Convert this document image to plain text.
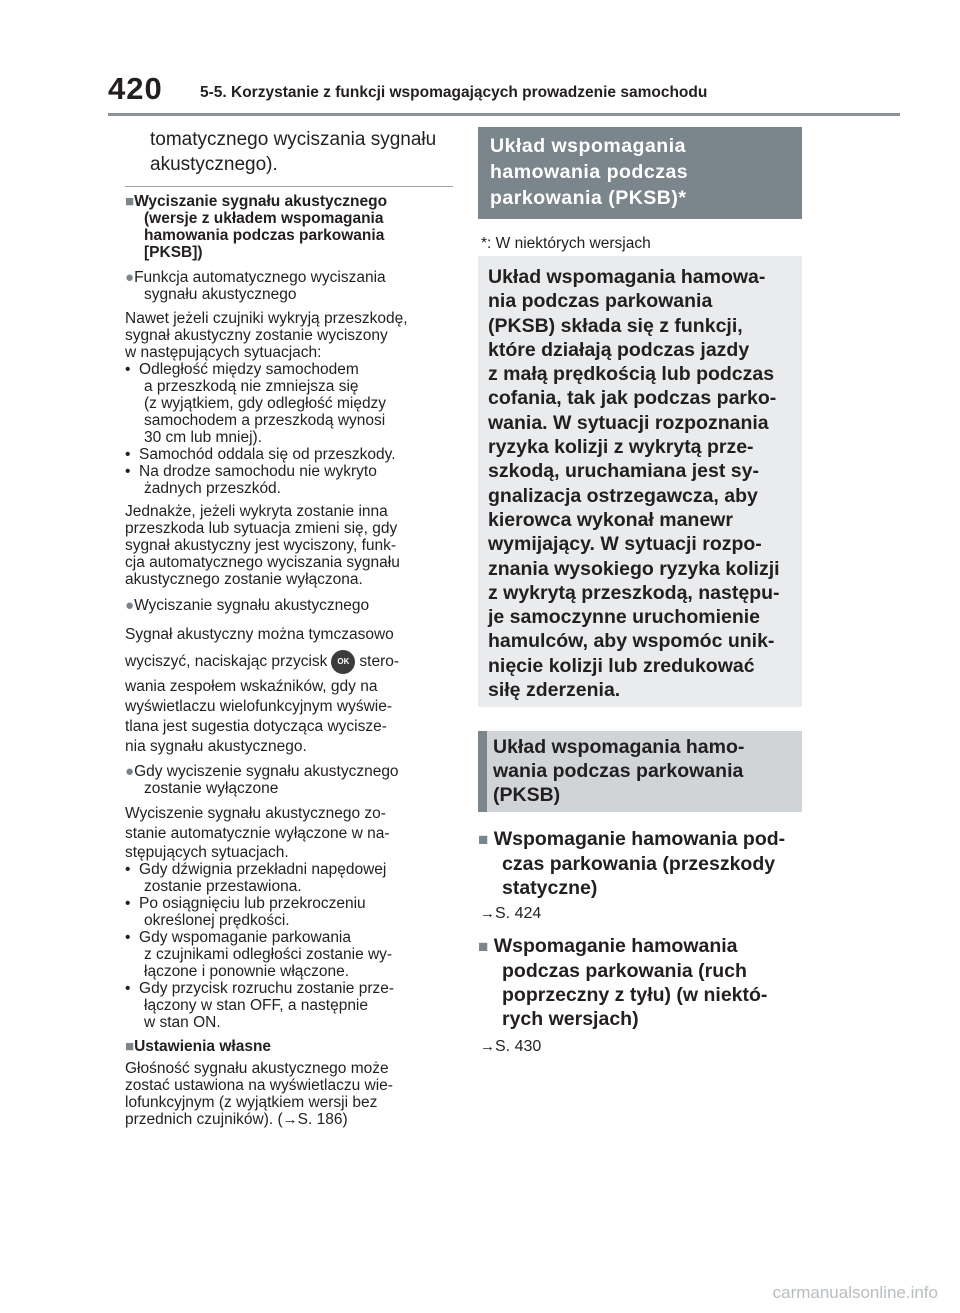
420 5-5. Korzystanie z funkcji wspomagających prowadzenie samochodu
tomatycznego wyciszania sygnału
akustycznego).
■Wyciszanie sygnału akustycznego
(wersje z układem wspomagania
hamowania podczas parkowania
[PKSB])
●Funkcja automatycznego wyciszania
sygnału akustycznego
Nawet jeżeli czujniki wykryją przeszkodę,
sygnał akustyczny zostanie wyciszony
w następujących sytuacjach:
•  Odległość między samochodem
a przeszkodą nie zmniejsza się
(z wyjątkiem, gdy odległość między
samochodem a przeszkodą wynosi
30 cm lub mniej).
•  Samochód oddala się od przeszkody.
•  Na drodze samochodu nie wykryto
żadnych przeszkód.
Jednakże, jeżeli wykryta zostanie inna
przeszkoda lub sytuacja zmieni się, gdy
sygnał akustyczny jest wyciszony, funk-
cja automatycznego wyciszania sygnału
akustycznego zostanie wyłączona.
●Wyciszanie sygnału akustycznego
Sygnał akustyczny można tymczasowo
wyciszyć, naciskając przycisk OK stero-
wania zespołem wskaźników, gdy na
wyświetlaczu wielofunkcyjnym wyświe-
tlana jest sugestia dotycząca wycisze-
nia sygnału akustycznego.
●Gdy wyciszenie sygnału akustycznego
zostanie wyłączone
Wyciszenie sygnału akustycznego zo-
stanie automatycznie wyłączone w na-
stępujących sytuacjach.
•  Gdy dźwignia przekładni napędowej
zostanie przestawiona.
•  Po osiągnięciu lub przekroczeniu
określonej prędkości.
•  Gdy wspomaganie parkowania
z czujnikami odległości zostanie wy-
łączone i ponownie włączone.
•  Gdy przycisk rozruchu zostanie prze-
łączony w stan OFF, a następnie
w stan ON.
■Ustawienia własne
Głośność sygnału akustycznego może
zostać ustawiona na wyświetlaczu wie-
lofunkcyjnym (z wyjątkiem wersji bez
przednich czujników). (→S. 186)
Układ wspomagania
hamowania podczas
parkowania (PKSB)*
*: W niektórych wersjach
Układ wspomagania hamowa-
nia podczas parkowania
(PKSB) składa się z funkcji,
które działają podczas jazdy
z małą prędkością lub podczas
cofania, tak jak podczas parko-
wania. W sytuacji rozpoznania
ryzyka kolizji z wykrytą prze-
szkodą, uruchamiana jest sy-
gnalizacja ostrzegawcza, aby
kierowca wykonał manewr
wymijający. W sytuacji rozpo-
znania wysokiego ryzyka kolizji
z wykrytą przeszkodą, następu-
je samoczynne uruchomienie
hamulców, aby wspomóc unik-
nięcie kolizji lub zredukować
siłę zderzenia.
Układ wspomagania hamo-
wania podczas parkowania
(PKSB)
■ Wspomaganie hamowania pod-
czas parkowania (przeszkody
statyczne)
→S. 424
■ Wspomaganie hamowania
podczas parkowania (ruch
poprzeczny z tyłu) (w niektó-
rych wersjach)
→S. 430
carmanualsonline.info
